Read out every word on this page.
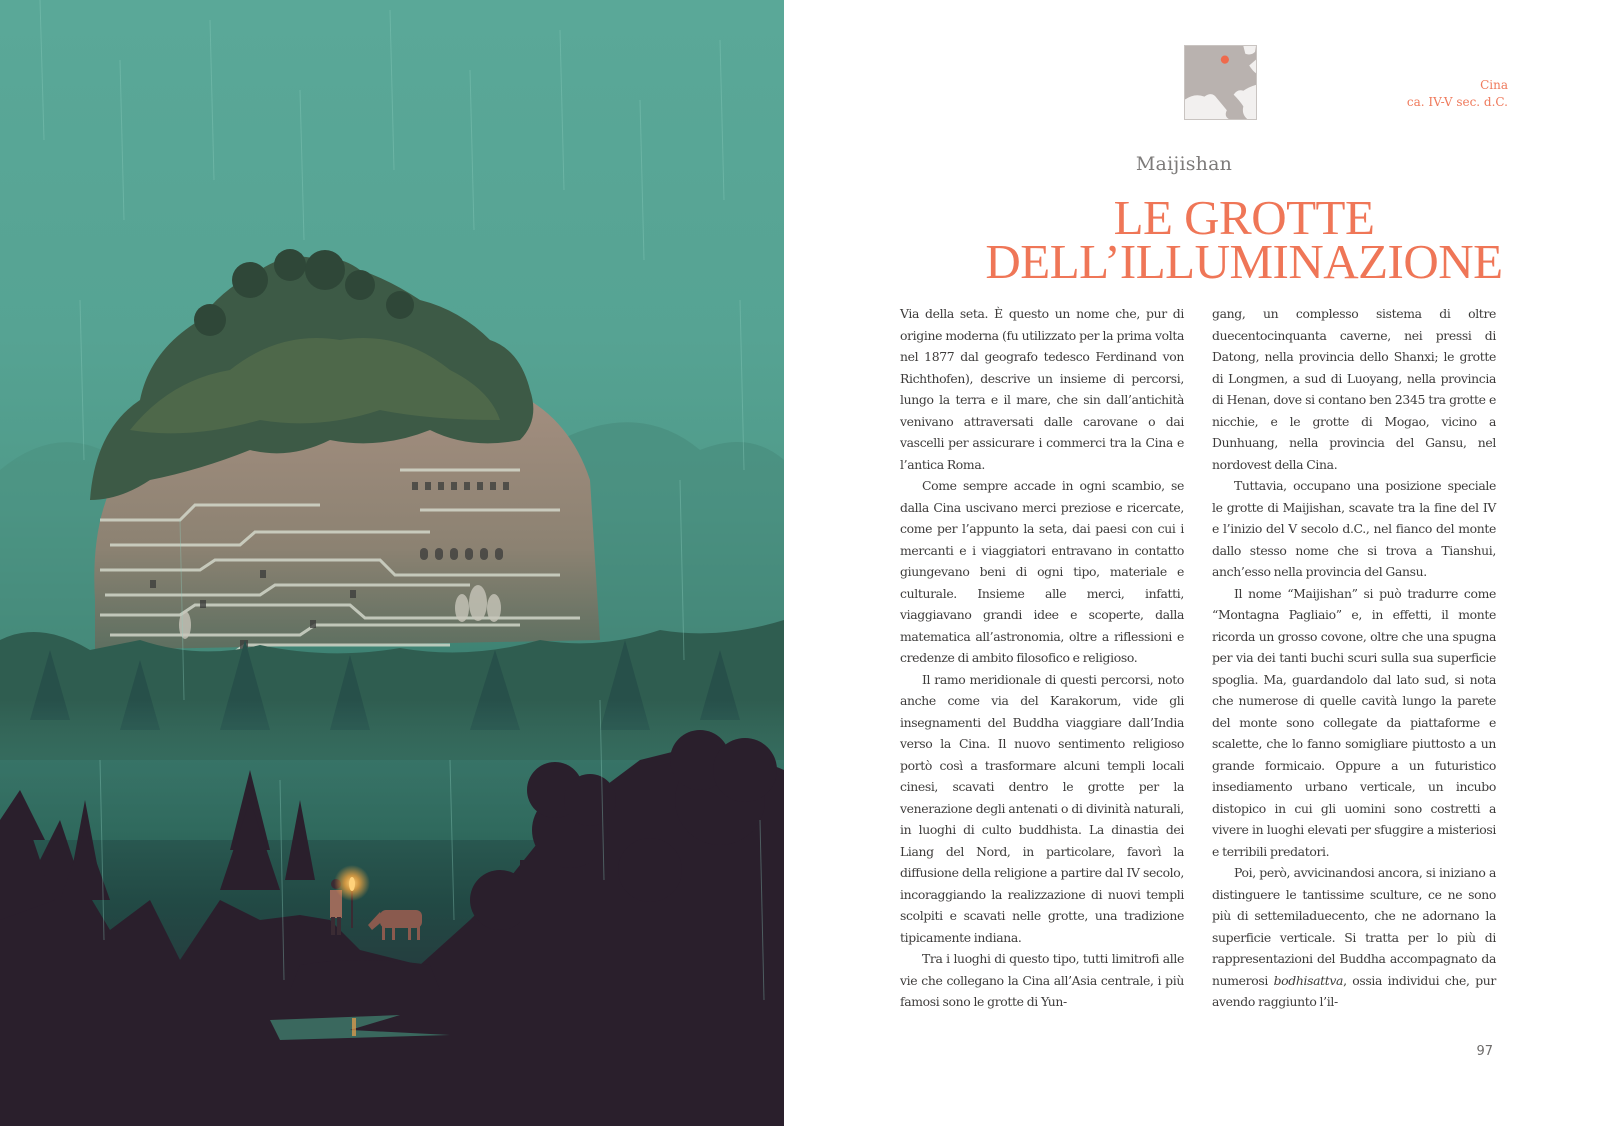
Cina
ca. IV-V sec. d.C.
Maijishan
LE GROTTE
DELL’ILLUMINAZIONE

Via della seta. È questo un nome che, pur di origine moderna (fu utilizzato per la prima volta nel 1877 dal geografo tedesco Ferdinand von Richthofen), descrive un insieme di percorsi, lungo la terra e il mare, che sin dall’antichità venivano attraversati dalle carovane o dai vascelli per assicurare i commerci tra la Cina e l’antica Roma.

Come sempre accade in ogni scambio, se dalla Cina uscivano merci preziose e ricercate, come per l’appunto la seta, dai paesi con cui i mercanti e i viaggiatori entravano in contatto giungevano beni di ogni tipo, materiale e culturale. Insieme alle merci, infatti, viaggiavano grandi idee e scoperte, dalla matematica all’astronomia, oltre a riflessioni e credenze di ambito filosofico e religioso.

Il ramo meridionale di questi percorsi, noto anche come via del Karakorum, vide gli insegnamenti del Buddha viaggiare dall’India verso la Cina. Il nuovo sentimento religioso portò così a trasformare alcuni templi locali cinesi, scavati dentro le grotte per la venerazione degli antenati o di divinità naturali, in luoghi di culto buddhista. La dinastia dei Liang del Nord, in particolare, favorì la diffusione della religione a partire dal IV secolo, incoraggiando la realizzazione di nuovi templi scolpiti e scavati nelle grotte, una tradizione tipicamente indiana.

Tra i luoghi di questo tipo, tutti limitrofi alle vie che collegano la Cina all’Asia centrale, i più famosi sono le grotte di Yun-

gang, un complesso sistema di oltre duecentocinquanta caverne, nei pressi di Datong, nella provincia dello Shanxi; le grotte di Longmen, a sud di Luoyang, nella provincia di Henan, dove si contano ben 2345 tra grotte e nicchie, e le grotte di Mogao, vicino a Dunhuang, nella provincia del Gansu, nel nordovest della Cina.

Tuttavia, occupano una posizione speciale le grotte di Maijishan, scavate tra la fine del IV e l’inizio del V secolo d.C., nel fianco del monte dallo stesso nome che si trova a Tianshui, anch’esso nella provincia del Gansu.

Il nome “Maijishan” si può tradurre come “Montagna Pagliaio” e, in effetti, il monte ricorda un grosso covone, oltre che una spugna per via dei tanti buchi scuri sulla sua superficie spoglia. Ma, guardandolo dal lato sud, si nota che numerose di quelle cavità lungo la parete del monte sono collegate da piattaforme e scalette, che lo fanno somigliare piuttosto a un grande formicaio. Oppure a un futuristico insediamento urbano verticale, un incubo distopico in cui gli uomini sono costretti a vivere in luoghi elevati per sfuggire a misteriosi e terribili predatori.

Poi, però, avvicinandosi ancora, si iniziano a distinguere le tantissime sculture, ce ne sono più di settemiladuecento, che ne adornano la superficie verticale. Si tratta per lo più di rappresentazioni del Buddha accompagnato da numerosi bodhisattva, ossia individui che, pur avendo raggiunto l’il-

97
